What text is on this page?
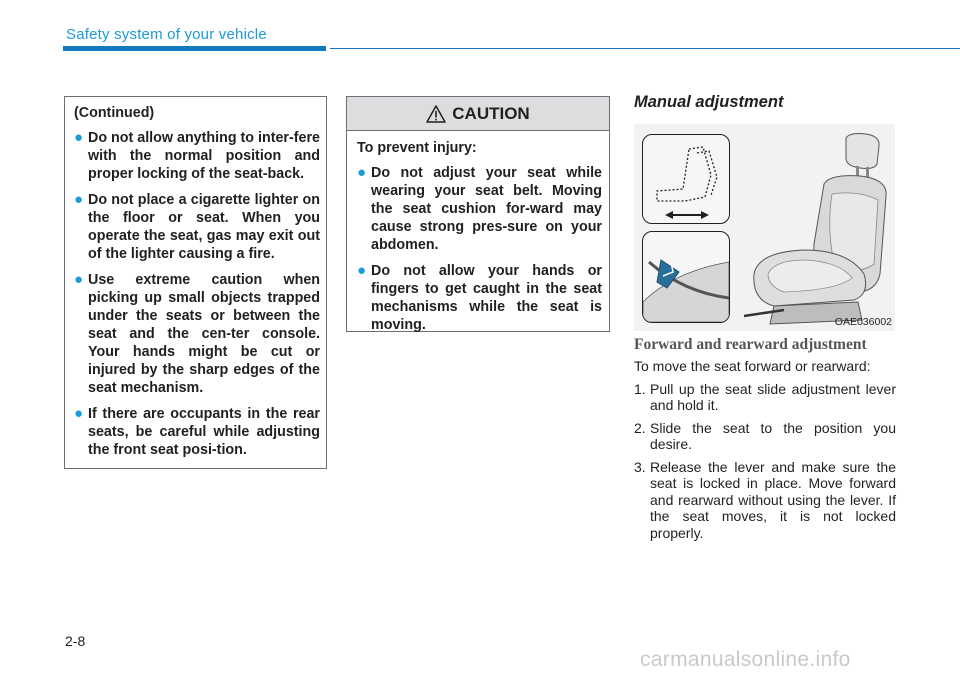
Safety system of your vehicle
(Continued)
● Do not allow anything to inter-fere with the normal position and proper locking of the seat-back.
● Do not place a cigarette lighter on the floor or seat. When you operate the seat, gas may exit out of the lighter causing a fire.
● Use extreme caution when picking up small objects trapped under the seats or between the seat and the cen-ter console. Your hands might be cut or injured by the sharp edges of the seat mechanism.
● If there are occupants in the rear seats, be careful while adjusting the front seat posi-tion.
CAUTION
To prevent injury:
● Do not adjust your seat while wearing your seat belt. Moving the seat cushion for-ward may cause strong pres-sure on your abdomen.
● Do not allow your hands or fingers to get caught in the seat mechanisms while the seat is moving.
Manual adjustment
OAE036002
Forward and rearward adjustment

To move the seat forward or rearward:

1. Pull up the seat slide adjustment lever and hold it.
2. Slide the seat to the position you desire.
3. Release the lever and make sure the seat is locked in place. Move forward and rearward without using the lever. If the seat moves, it is not locked properly.
2-8
carmanualsonline.info
